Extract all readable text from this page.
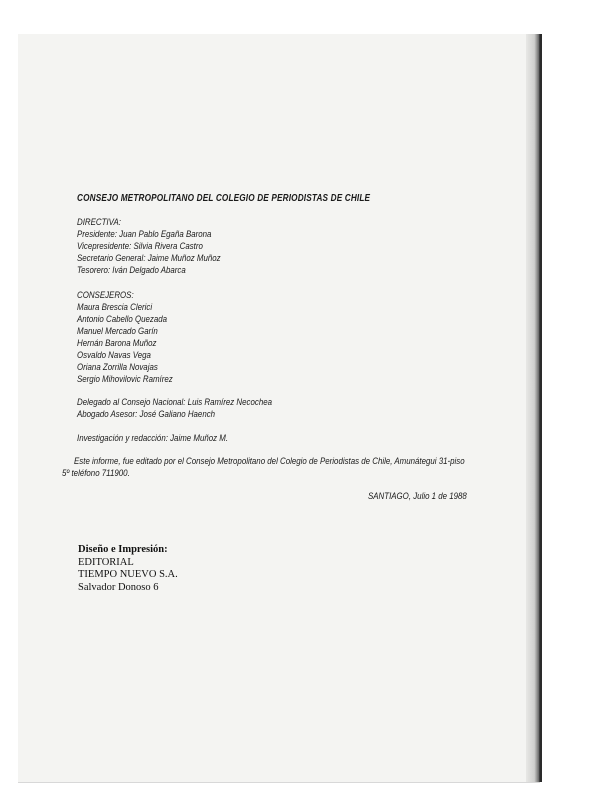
CONSEJO METROPOLITANO DEL COLEGIO DE PERIODISTAS DE CHILE
DIRECTIVA:
Presidente: Juan Pablo Egaña Barona
Vicepresidente: Silvia Rivera Castro
Secretario General: Jaime Muñoz Muñoz
Tesorero: Iván Delgado Abarca
CONSEJEROS:
Maura Brescia Clerici
Antonio Cabello Quezada
Manuel Mercado Garín
Hernán Barona Muñoz
Osvaldo Navas Vega
Oriana Zorrilla Novajas
Sergio Mihovilovic Ramírez
Delegado al Consejo Nacional: Luis Ramírez Necochea
Abogado Asesor: José Galiano Haench
Investigación y redacción: Jaime Muñoz M.
Este informe, fue editado por el Consejo Metropolitano del Colegio de Periodistas de Chile, Amunátegui 31-piso 5º teléfono 711900.
SANTIAGO, Julio 1 de 1988
Diseño e Impresión:
EDITORIAL
TIEMPO NUEVO S.A.
Salvador Donoso 6
